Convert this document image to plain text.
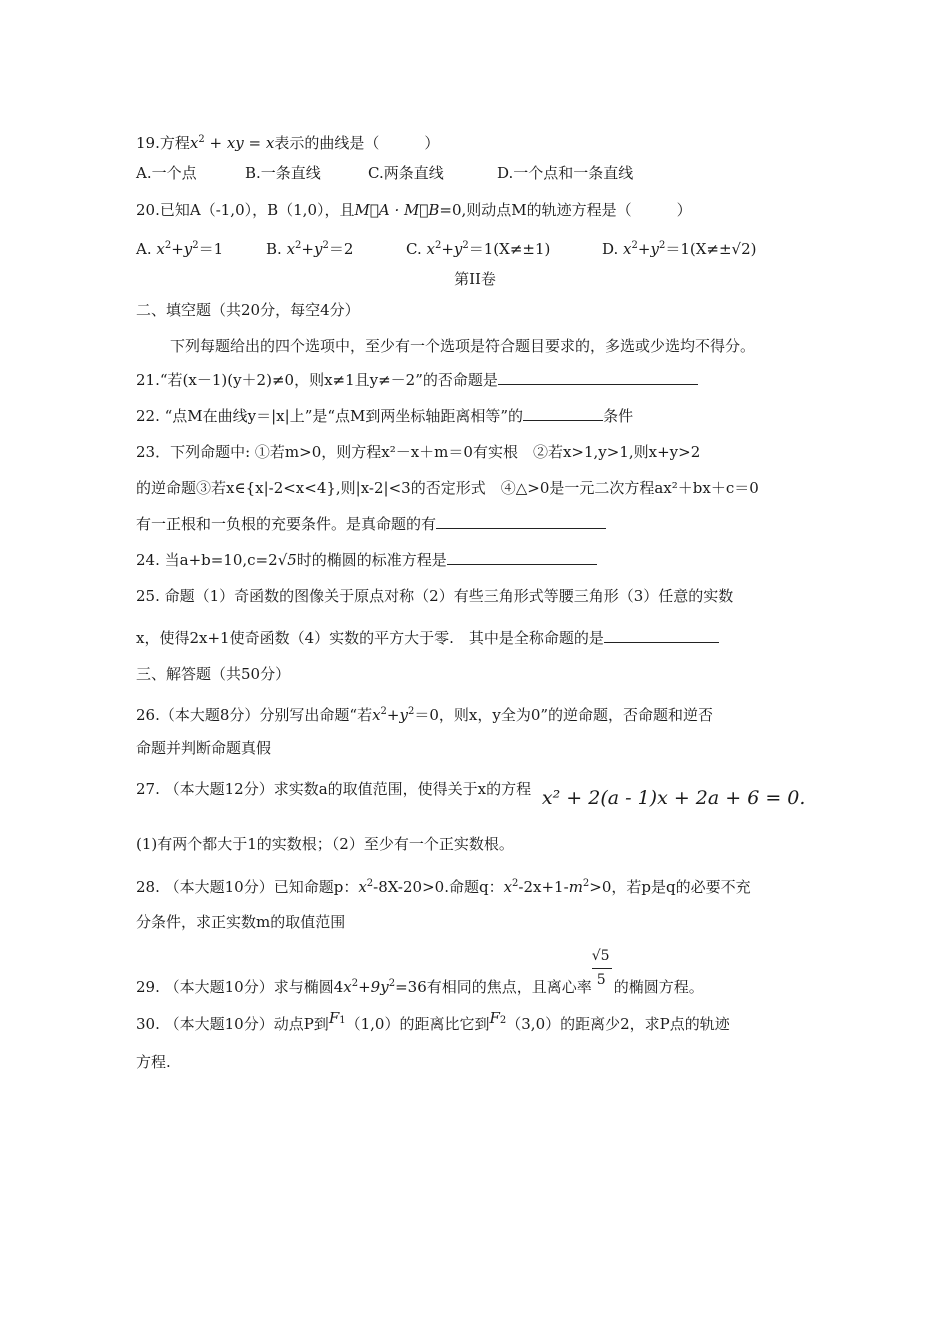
19.方程$x^2$ + xy = x表示的曲线是（　　　）
A.一个点	B.一条直线	C.两条直线	D.一个点和一条直线
20.已知A（-1,0），B（1,0），且M⃗A · M⃗B=0,则动点M的轨迹方程是（　　　）
A. $x^2+y^2=1$	B. $x^2+y^2=2$	C. $x^2+y^2=1(X\ne\pm 1)$	D. $x^2+y^2=1(X\ne\pm√2)$
第II卷
二、填空题（共20分，每空4分）
下列每题给出的四个选项中，至少有一个选项是符合题目要求的，多选或少选均不得分。
21.“若(x－1)(y＋2)≠0，则x≠1且y≠－2”的否命题是
22. “点M在曲线y＝|x|上”是“点M到两坐标轴距离相等”的	条件
23．下列命题中: ①若m>0，则方程x²－x＋m＝0有实根　②若x>1,y>1,则x+y>2
的逆命题③若x∈{x|-2<x<4},则|x-2|<3的否定形式　④△>0是一元二次方程ax²＋bx＋c＝0
有一正根和一负根的充要条件。是真命题的有
24. 当a+b=10,c=2√5时的椭圆的标准方程是
25. 命题（1）奇函数的图像关于原点对称（2）有些三角形式等腰三角形（3）任意的实数
x，使得2x+1使奇函数（4）实数的平方大于零.　其中是全称命题的是
三、解答题（共50分）
26.（本大题8分）分别写出命题“若$x^2+y^2=0$，则x，y全为0”的逆命题，否命题和逆否
命题并判断命题真假
27. （本大题12分）求实数a的取值范围，使得关于x的方程 x² + 2(a - 1)x + 2a + 6 = 0.
(1)有两个都大于1的实数根；（2）至少有一个正实数根。
28. （本大题10分）已知命题p：$x^2-8X-20>0$.命题q：$x^2-2x+1-m^2>0$，若p是q的必要不充
分条件，求正实数m的取值范围
29. （本大题10分）求与椭圆$4x^2+9y^2=36$有相同的焦点，且离心率 $\frac{√5}{5}$ 的椭圆方程。
30. （本大题10分）动点P到F1（1,0）的距离比它到F2（3,0）的距离少2，求P点的轨迹
方程.
